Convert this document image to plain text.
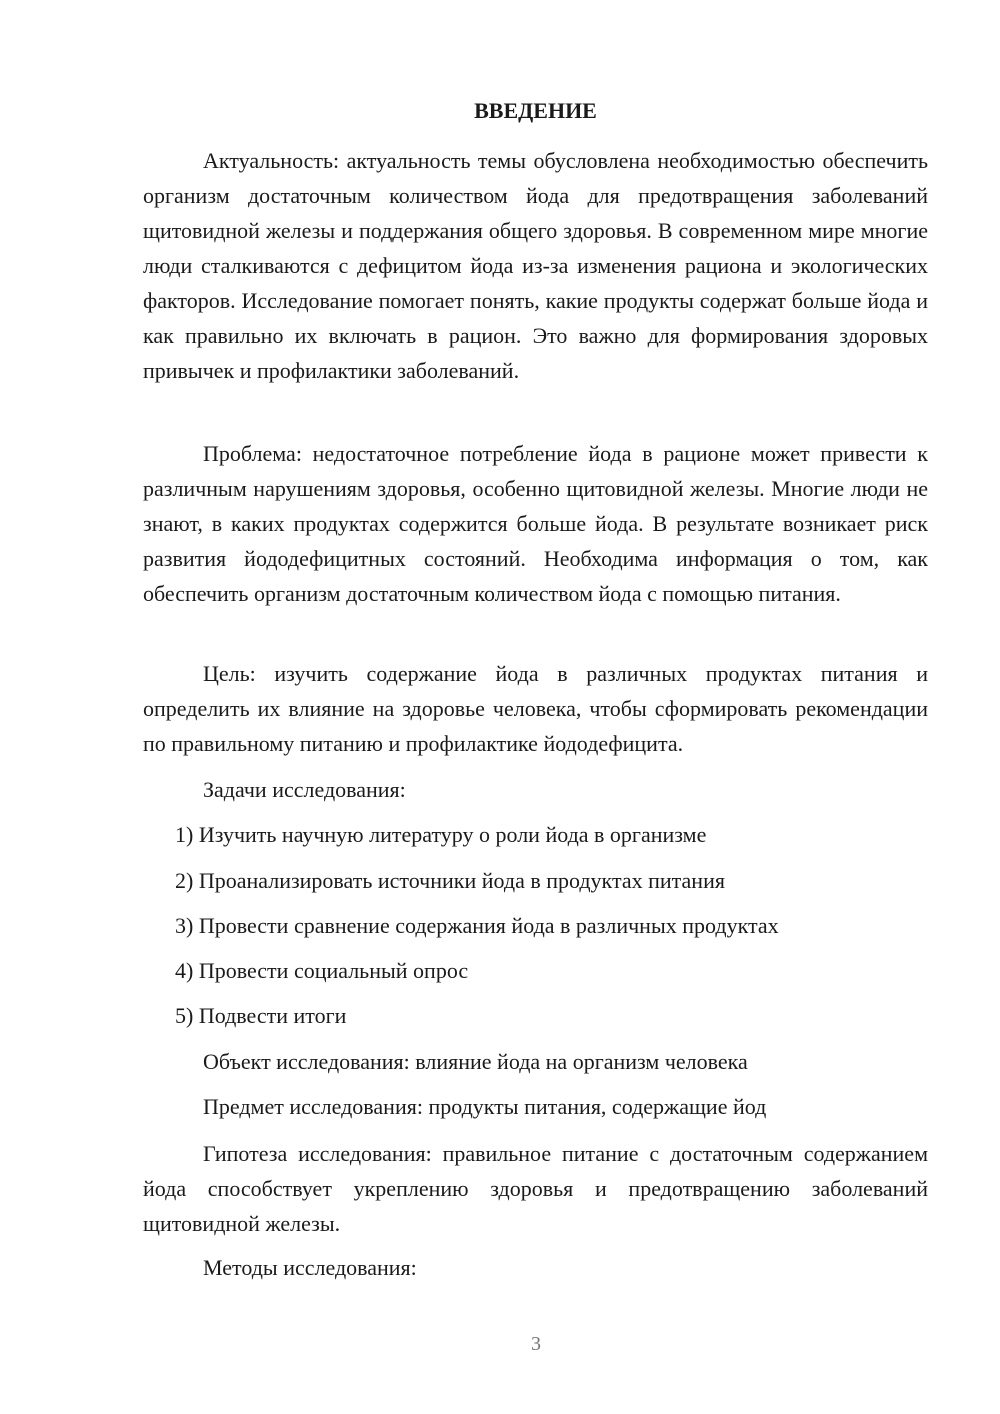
ВВЕДЕНИЕ

Актуальность: актуальность темы обусловлена необходимостью обеспечить организм достаточным количеством йода для предотвращения заболеваний щитовидной железы и поддержания общего здоровья. В современном мире многие люди сталкиваются с дефицитом йода из-за изменения рациона и экологических факторов. Исследование помогает понять, какие продукты содержат больше йода и как правильно их включать в рацион. Это важно для формирования здоровых привычек и профилактики заболеваний.

Проблема: недостаточное потребление йода в рационе может привести к различным нарушениям здоровья, особенно щитовидной железы. Многие люди не знают, в каких продуктах содержится больше йода. В результате возникает риск развития йододефицитных состояний. Необходима информация о том, как обеспечить организм достаточным количеством йода с помощью питания.

Цель: изучить содержание йода в различных продуктах питания и определить их влияние на здоровье человека, чтобы сформировать рекомендации по правильному питанию и профилактике йододефицита.

Задачи исследования:
1) Изучить научную литературу о роли йода в организме
2) Проанализировать источники йода в продуктах питания
3) Провести сравнение содержания йода в различных продуктах
4) Провести социальный опрос
5) Подвести итоги
Объект исследования: влияние йода на организм человека
Предмет исследования: продукты питания, содержащие йод

Гипотеза исследования: правильное питание с достаточным содержанием йода способствует укреплению здоровья и предотвращению заболеваний щитовидной железы.

Методы исследования:
3
